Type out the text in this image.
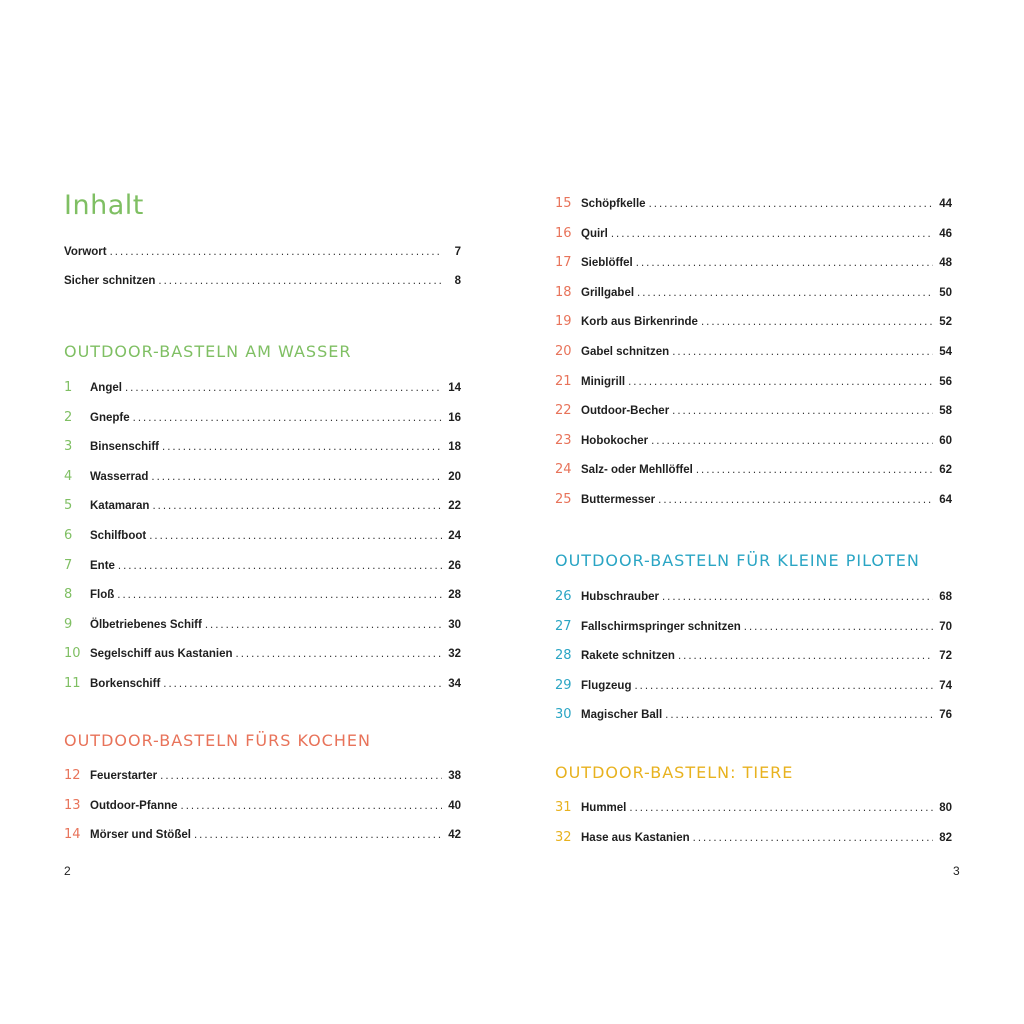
Inhalt
Vorwort . . .	7
Sicher schnitzen . . .	8
OUTDOOR-BASTELN AM WASSER
OUTDOOR-BASTELN FÜRS KOCHEN
2	3
OUTDOOR-BASTELN FÜR KLEINE PILOTEN
OUTDOOR-BASTELN: TIERE
1	Angel . . .	14
2	Gnepfe . . .	16
3	Binsenschiff . . .	18
4	Wasserrad . . .	20
5	Katamaran . . .	22
6	Schilfboot . . .	24
7	Ente . . .	26
8	Floß . . .	28
9	Ölbetriebenes Schiff . . .	30
10 Segelschiff aus Kastanien . . .	32
11 Borkenschiff . . .	34
12 Feuerstarter . . .	38
13 Outdoor-Pfanne . . .	40
14 Mörser und Stößel . . .	42
15 Schöpfkelle . . .	44
16 Quirl . . .	46
17 Sieblöffel . . .	48
18 Grillgabel . . .	50
19 Korb aus Birkenrinde . . .	52
20 Gabel schnitzen . . .	54
21 Minigrill . . .	56
22 Outdoor-Becher . . .	58
23 Hobokocher . . .	60
24 Salz- oder Mehllöffel . . .	62
25 Buttermesser . . .	64
26 Hubschrauber . . .	68
27 Fallschirmspringer schnitzen . . .	70
28 Rakete schnitzen . . .	72
29 Flugzeug . . .	74
30 Magischer Ball . . .	76
31 Hummel . . .	80
32 Hase aus Kastanien . . .	82
